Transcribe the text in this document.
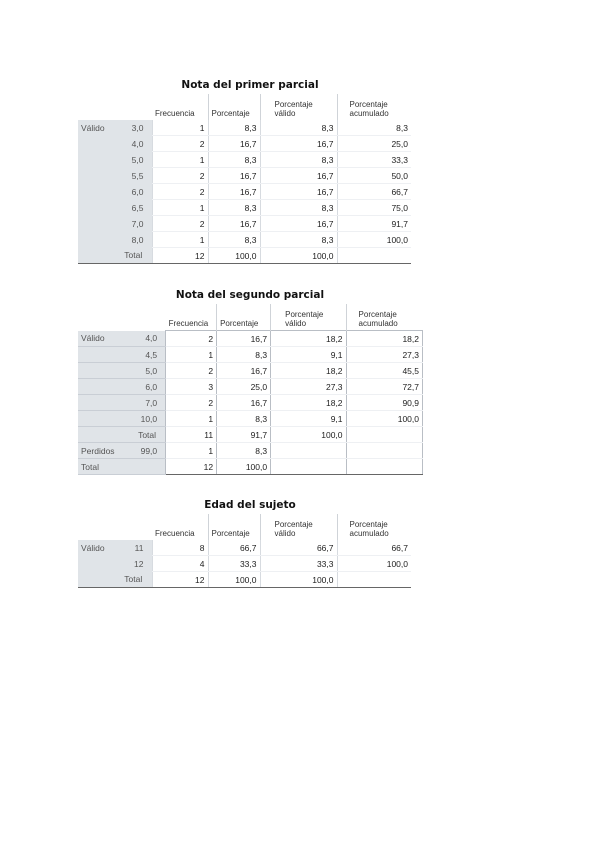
Nota del primer parcial
		Frecuencia	Porcentaje	Porcentaje válido	Porcentaje acumulado
Válido	3,0	1	8,3	8,3	8,3
	4,0	2	16,7	16,7	25,0
	5,0	1	8,3	8,3	33,3
	5,5	2	16,7	16,7	50,0
	6,0	2	16,7	16,7	66,7
	6,5	1	8,3	8,3	75,0
	7,0	2	16,7	16,7	91,7
	8,0	1	8,3	8,3	100,0
	Total	12	100,0	100,0	
Nota del segundo parcial
		Frecuencia	Porcentaje	Porcentaje válido	Porcentaje acumulado
Válido	4,0	2	16,7	18,2	18,2
	4,5	1	8,3	9,1	27,3
	5,0	2	16,7	18,2	45,5
	6,0	3	25,0	27,3	72,7
	7,0	2	16,7	18,2	90,9
	10,0	1	8,3	9,1	100,0
	Total	11	91,7	100,0	
Perdidos	99,0	1	8,3		
Total		12	100,0		
Edad del sujeto
		Frecuencia	Porcentaje	Porcentaje válido	Porcentaje acumulado
Válido	11	8	66,7	66,7	66,7
	12	4	33,3	33,3	100,0
	Total	12	100,0	100,0	
